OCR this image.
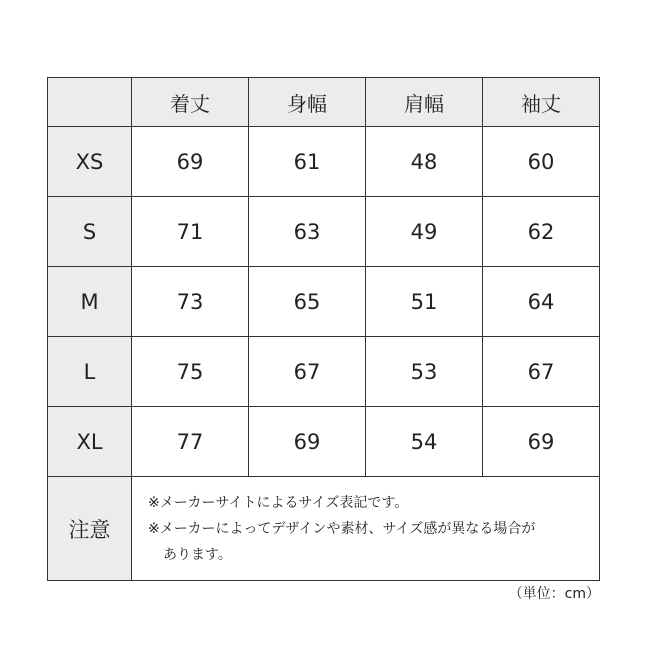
	着丈	身幅	肩幅	袖丈
XS	69	61	48	60
S	71	63	49	62
M	73	65	51	64
L	75	67	53	67
XL	77	69	54	69
注意	※メーカーサイトによるサイズ表記です。
※メーカーによってデザインや素材、サイズ感が異なる場合が
あります。			
（単位：cm）
